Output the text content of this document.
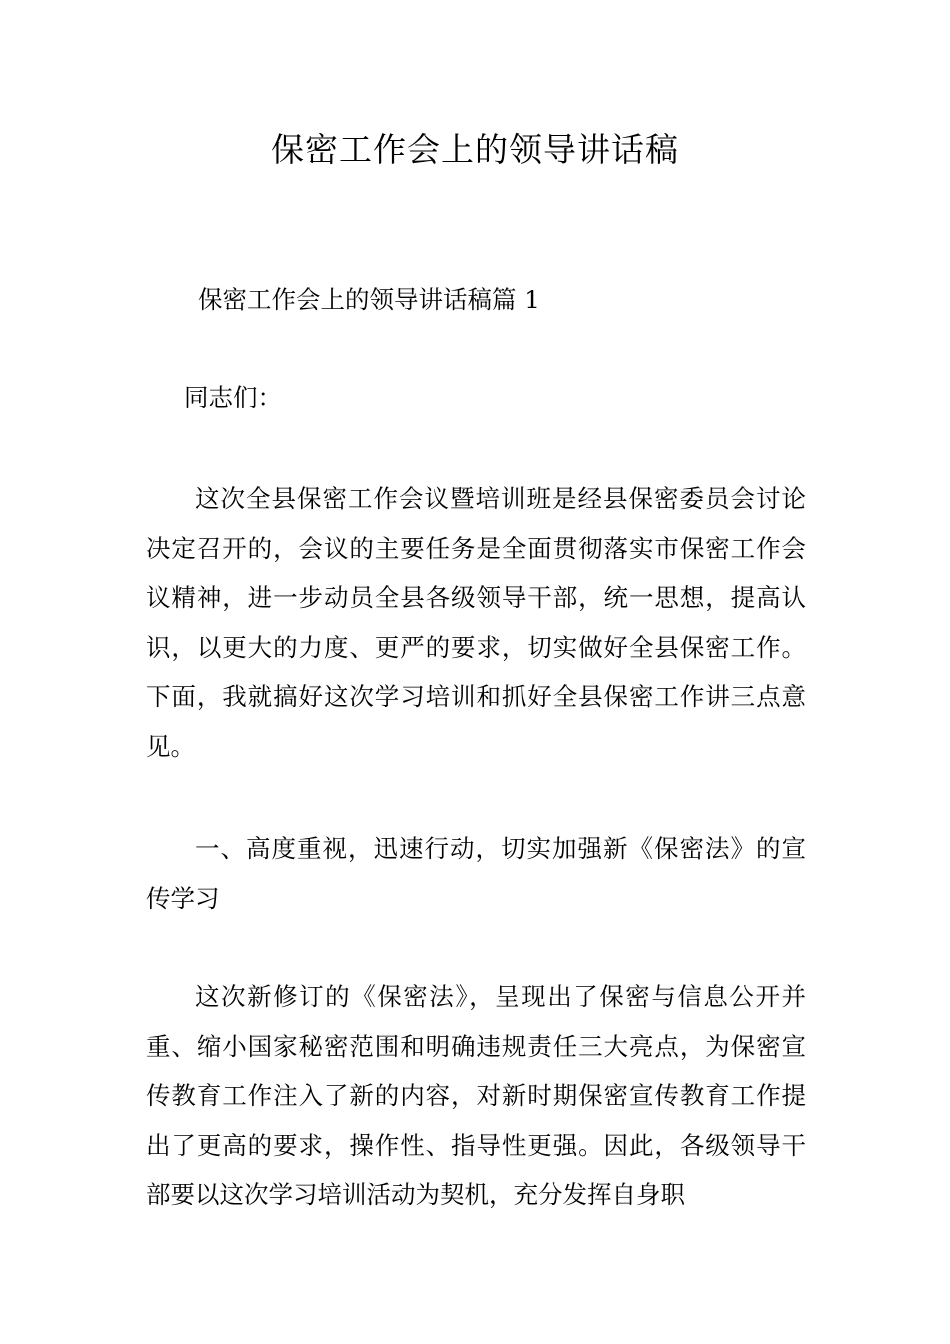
保密工作会上的领导讲话稿

保密工作会上的领导讲话稿篇 1

同志们：

这次全县保密工作会议暨培训班是经县保密委员会讨论决定召开的，会议的主要任务是全面贯彻落实市保密工作会议精神，进一步动员全县各级领导干部，统一思想，提高认识，以更大的力度、更严的要求，切实做好全县保密工作。下面，我就搞好这次学习培训和抓好全县保密工作讲三点意见。

一、高度重视，迅速行动，切实加强新《保密法》的宣传学习

这次新修订的《保密法》，呈现出了保密与信息公开并重、缩小国家秘密范围和明确违规责任三大亮点，为保密宣传教育工作注入了新的内容，对新时期保密宣传教育工作提出了更高的要求，操作性、指导性更强。因此，各级领导干部要以这次学习培训活动为契机，充分发挥自身职
